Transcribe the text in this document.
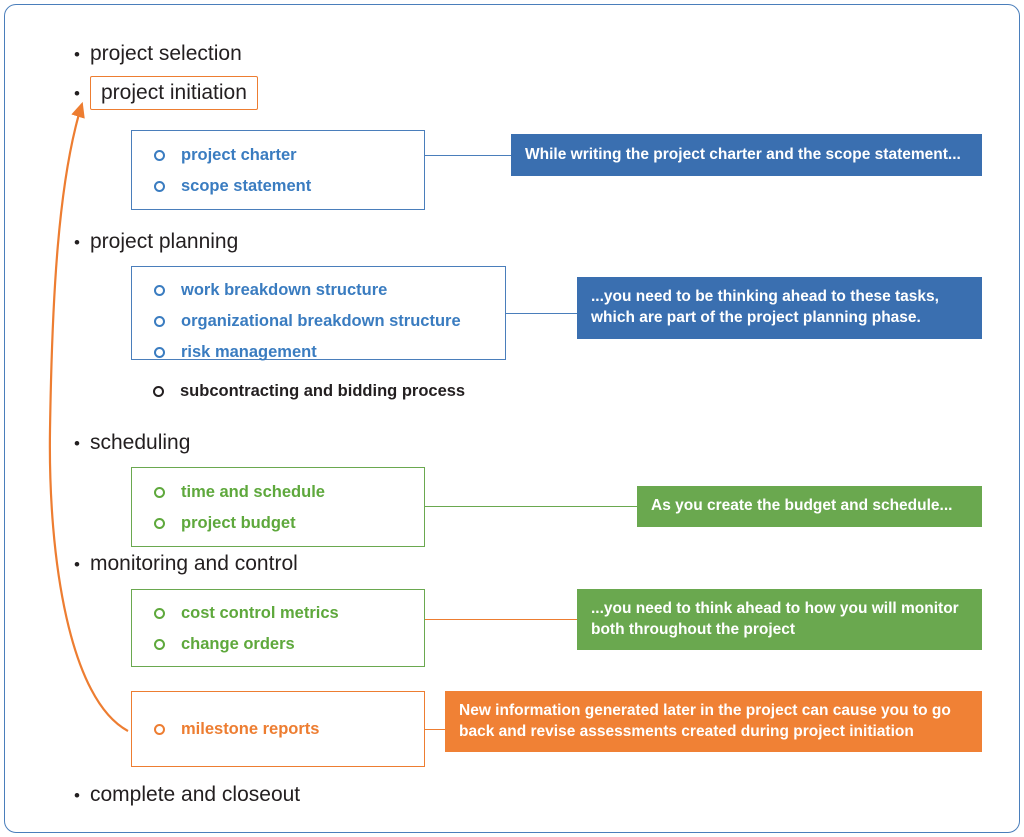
• project selection
•	project initiation
• project planning
• scheduling
• monitoring and control
• complete and closeout
project charter
scope statement
While writing the project charter and the scope statement...
work breakdown structure
organizational breakdown structure
risk management
...you need to be thinking ahead to these tasks, which are part of the project planning phase.
subcontracting and bidding process
time and schedule
project budget
As you create the budget and schedule...
cost control metrics
change orders
...you need to think ahead to how you will monitor both throughout the project
milestone reports
New information generated later in the project can cause you to go back and revise assessments created during project initiation
